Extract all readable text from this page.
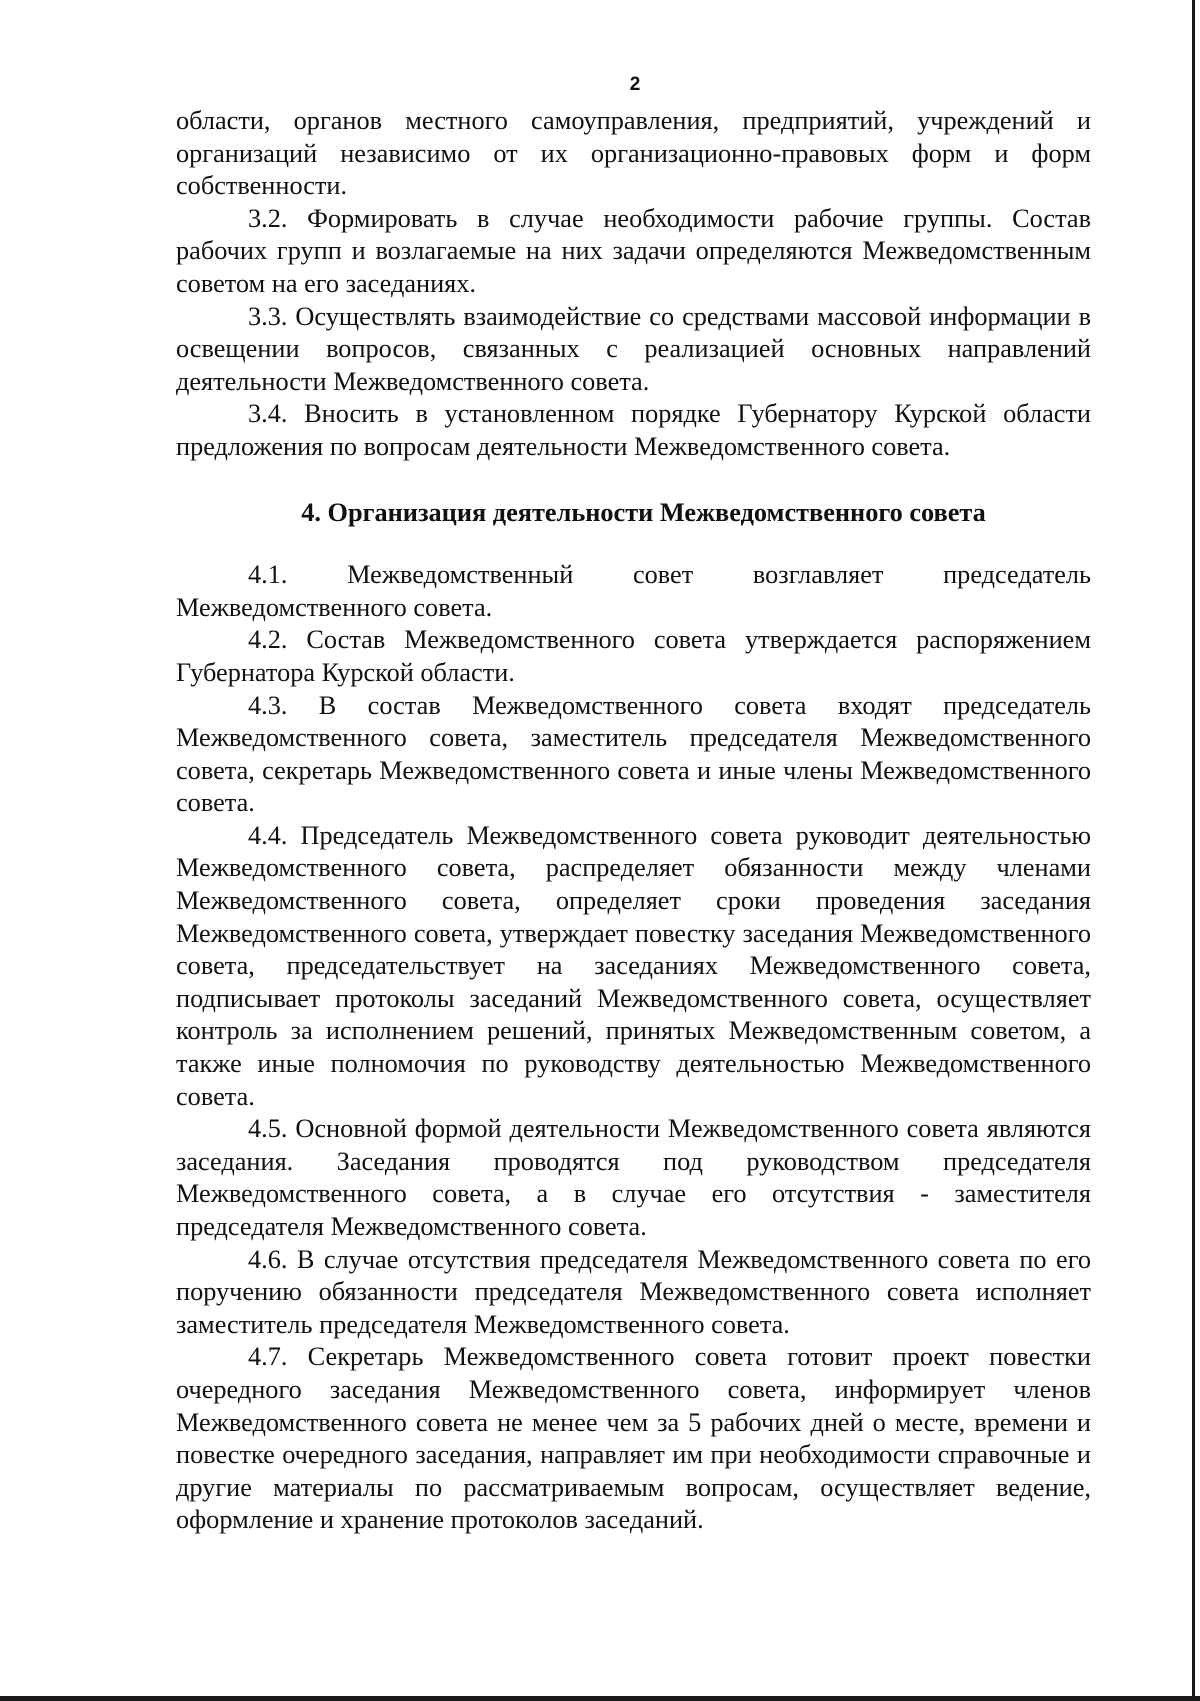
2

области, органов местного самоуправления, предприятий, учреждений и организаций независимо от их организационно-правовых форм и форм собственности.

3.2. Формировать в случае необходимости рабочие группы. Состав рабочих групп и возлагаемые на них задачи определяются Межведомственным советом на его заседаниях.

3.3. Осуществлять взаимодействие со средствами массовой информации в освещении вопросов, связанных с реализацией основных направлений деятельности Межведомственного совета.

3.4. Вносить в установленном порядке Губернатору Курской области предложения по вопросам деятельности Межведомственного совета.

4. Организация деятельности Межведомственного совета

4.1. Межведомственный совет возглавляет председатель Межведомственного совета.

4.2. Состав Межведомственного совета утверждается распоряжением Губернатора Курской области.

4.3. В состав Межведомственного совета входят председатель Межведомственного совета, заместитель председателя Межведомственного совета, секретарь Межведомственного совета и иные члены Межведомственного совета.

4.4. Председатель Межведомственного совета руководит деятельностью Межведомственного совета, распределяет обязанности между членами Межведомственного совета, определяет сроки проведения заседания Межведомственного совета, утверждает повестку заседания Межведомственного совета, председательствует на заседаниях Межведомственного совета, подписывает протоколы заседаний Межведомственного совета, осуществляет контроль за исполнением решений, принятых Межведомственным советом, а также иные полномочия по руководству деятельностью Межведомственного совета.

4.5. Основной формой деятельности Межведомственного совета являются заседания. Заседания проводятся под руководством председателя Межведомственного совета, а в случае его отсутствия - заместителя председателя Межведомственного совета.

4.6. В случае отсутствия председателя Межведомственного совета по его поручению обязанности председателя Межведомственного совета исполняет заместитель председателя Межведомственного совета.

4.7. Секретарь Межведомственного совета готовит проект повестки очередного заседания Межведомственного совета, информирует членов Межведомственного совета не менее чем за 5 рабочих дней о месте, времени и повестке очередного заседания, направляет им при необходимости справочные и другие материалы по рассматриваемым вопросам, осуществляет ведение, оформление и хранение протоколов заседаний.
